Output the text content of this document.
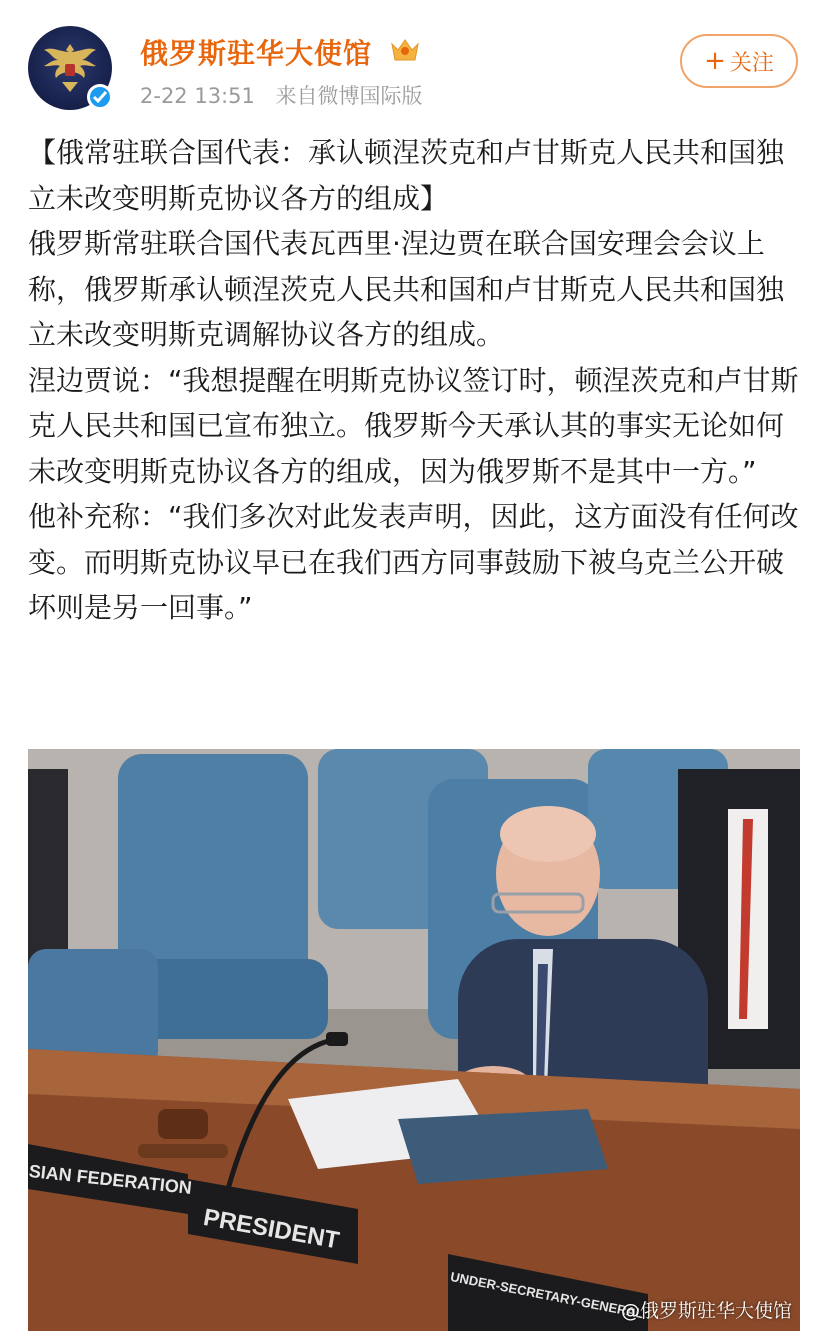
俄罗斯驻华大使馆
2-22 13:51 来自微博国际版
+ 关注

【俄常驻联合国代表：承认顿涅茨克和卢甘斯克人民共和国独立未改变明斯克协议各方的组成】

俄罗斯常驻联合国代表瓦西里·涅边贾在联合国安理会会议上称，俄罗斯承认顿涅茨克人民共和国和卢甘斯克人民共和国独立未改变明斯克调解协议各方的组成。

涅边贾说：“我想提醒在明斯克协议签订时，顿涅茨克和卢甘斯克人民共和国已宣布独立。俄罗斯今天承认其的事实无论如何未改变明斯克协议各方的组成，因为俄罗斯不是其中一方。”

他补充称：“我们多次对此发表声明，因此，这方面没有任何改变。而明斯克协议早已在我们西方同事鼓励下被乌克兰公开破坏则是另一回事。”

SIAN FEDERATION
PRESIDENT
UNDER-SECRETARY-GENERAL
@俄罗斯驻华大使馆
